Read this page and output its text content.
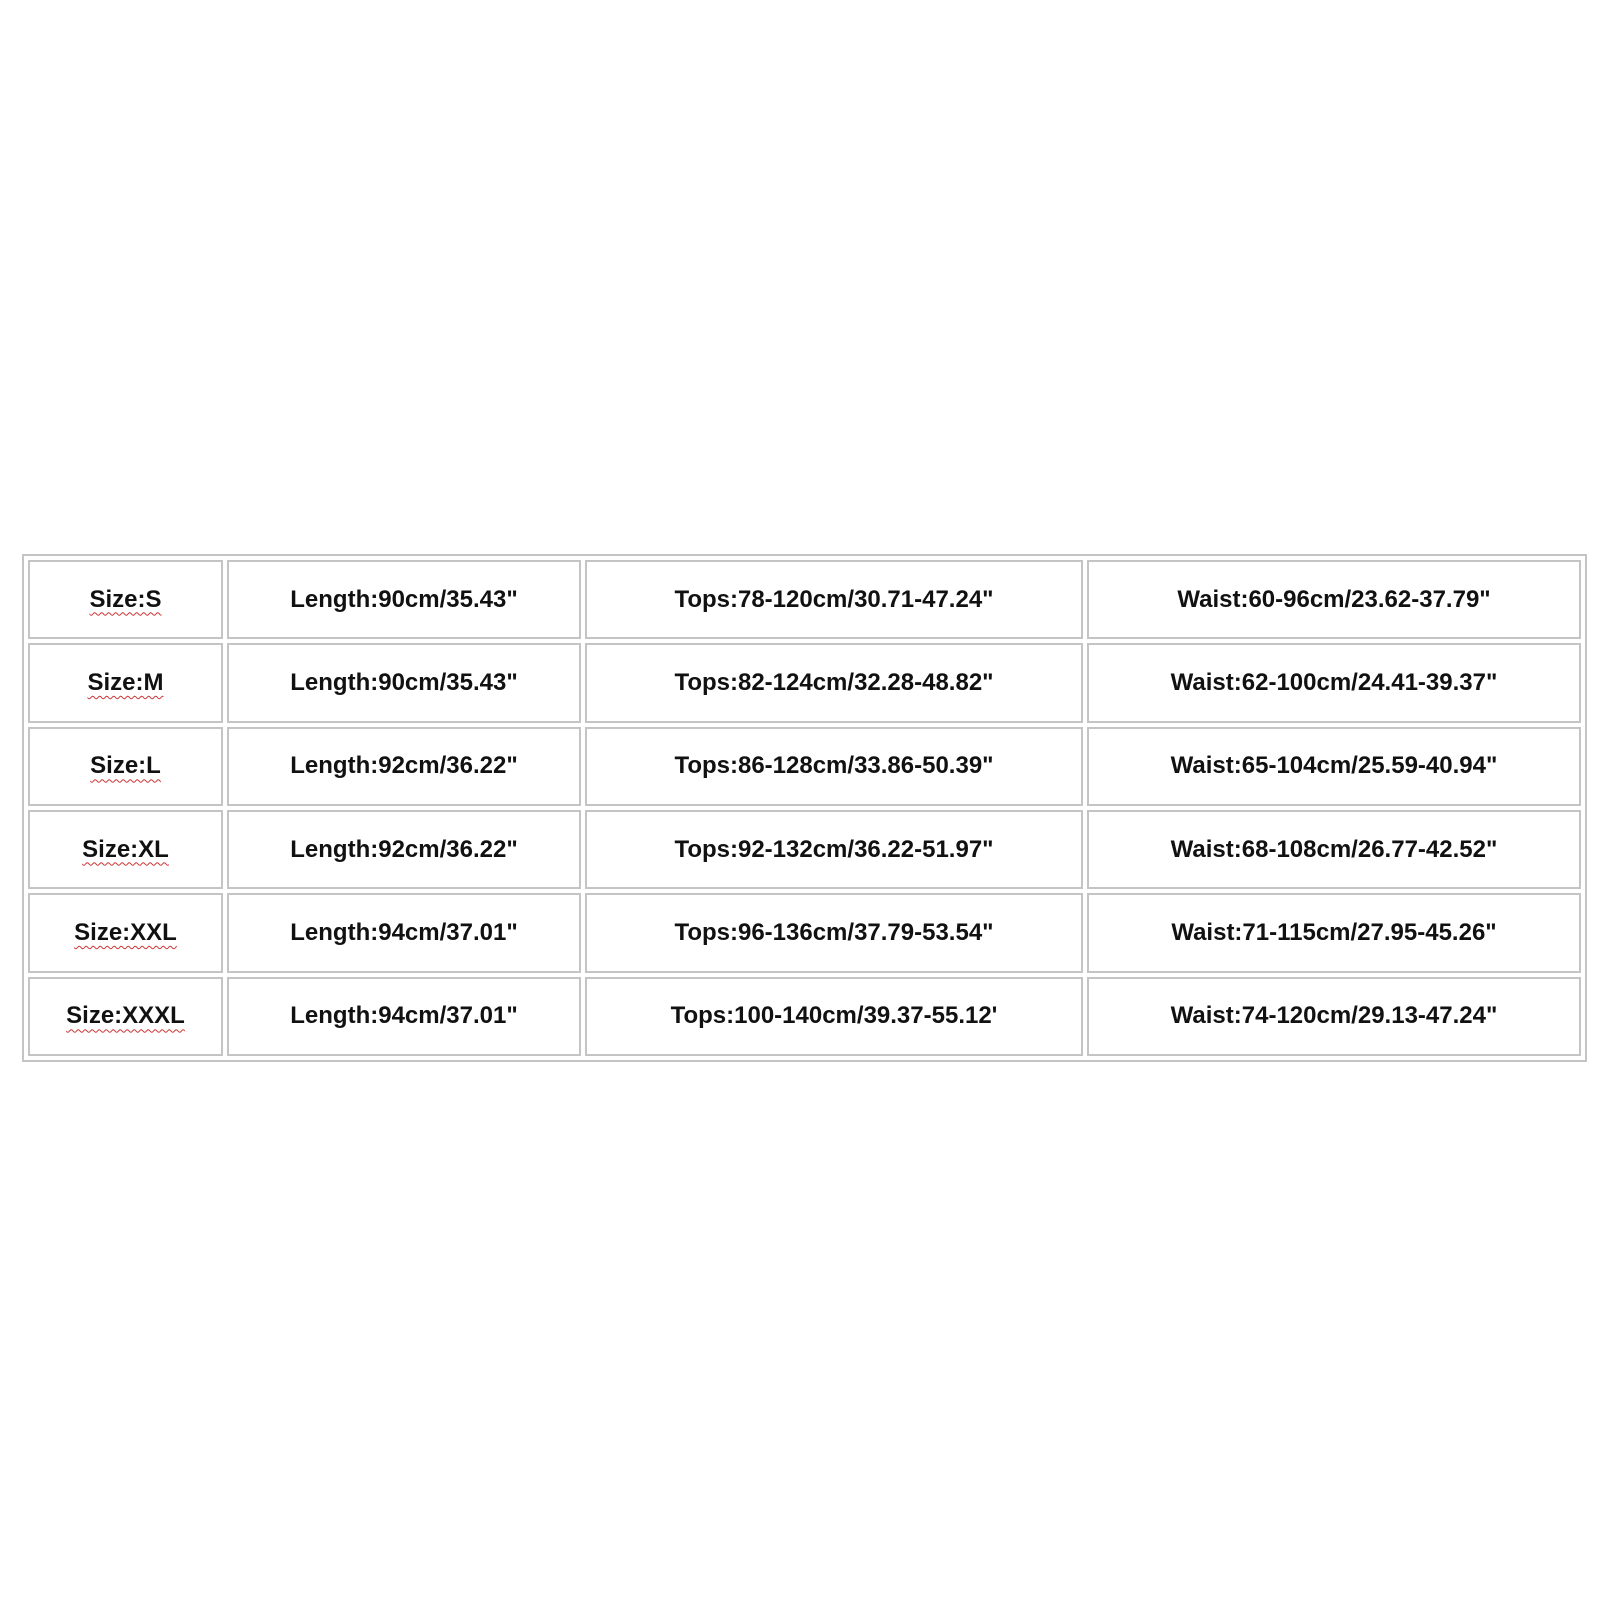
Size:S	Length:90cm/35.43"	Tops:78-120cm/30.71-47.24"	Waist:60-96cm/23.62-37.79"
Size:M	Length:90cm/35.43"	Tops:82-124cm/32.28-48.82"	Waist:62-100cm/24.41-39.37"
Size:L	Length:92cm/36.22"	Tops:86-128cm/33.86-50.39"	Waist:65-104cm/25.59-40.94"
Size:XL	Length:92cm/36.22"	Tops:92-132cm/36.22-51.97"	Waist:68-108cm/26.77-42.52"
Size:XXL	Length:94cm/37.01"	Tops:96-136cm/37.79-53.54"	Waist:71-115cm/27.95-45.26"
Size:XXXL	Length:94cm/37.01"	Tops:100-140cm/39.37-55.12'	Waist:74-120cm/29.13-47.24"
